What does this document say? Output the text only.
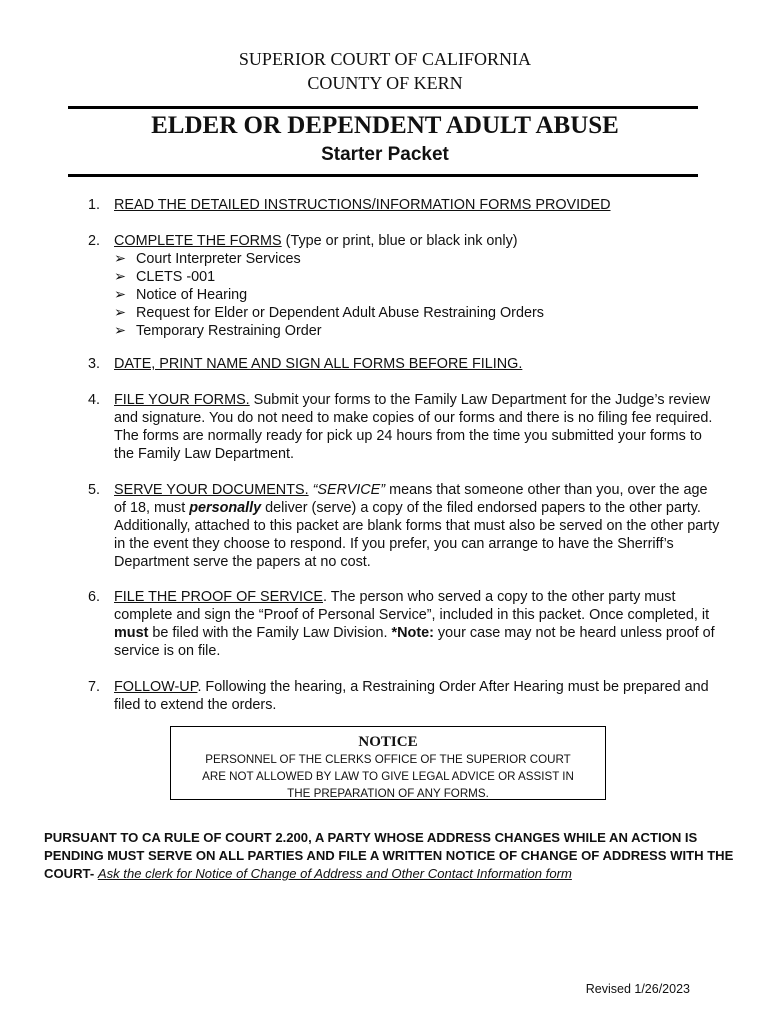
SUPERIOR COURT OF CALIFORNIA
COUNTY OF KERN
ELDER OR DEPENDENT ADULT ABUSE
Starter Packet
1. READ THE DETAILED INSTRUCTIONS/INFORMATION FORMS PROVIDED
2. COMPLETE THE FORMS (Type or print, blue or black ink only)
➢ Court Interpreter Services
➢ CLETS -001
➢ Notice of Hearing
➢ Request for Elder or Dependent Adult Abuse Restraining Orders
➢ Temporary Restraining Order
3. DATE, PRINT NAME AND SIGN ALL FORMS BEFORE FILING.
4. FILE YOUR FORMS. Submit your forms to the Family Law Department for the Judge’s review and signature. You do not need to make copies of our forms and there is no filing fee required. The forms are normally ready for pick up 24 hours from the time you submitted your forms to the Family Law Department.
5. SERVE YOUR DOCUMENTS. “SERVICE” means that someone other than you, over the age of 18, must personally deliver (serve) a copy of the filed endorsed papers to the other party. Additionally, attached to this packet are blank forms that must also be served on the other party in the event they choose to respond. If you prefer, you can arrange to have the Sherriff’s Department serve the papers at no cost.
6. FILE THE PROOF OF SERVICE. The person who served a copy to the other party must complete and sign the “Proof of Personal Service”, included in this packet. Once completed, it must be filed with the Family Law Division. *Note: your case may not be heard unless proof of service is on file.
7. FOLLOW-UP. Following the hearing, a Restraining Order After Hearing must be prepared and filed to extend the orders.
NOTICE
PERSONNEL OF THE CLERKS OFFICE OF THE SUPERIOR COURT
ARE NOT ALLOWED BY LAW TO GIVE LEGAL ADVICE OR ASSIST IN
THE PREPARATION OF ANY FORMS.
PURSUANT TO CA RULE OF COURT 2.200, A PARTY WHOSE ADDRESS CHANGES WHILE AN ACTION IS PENDING MUST SERVE ON ALL PARTIES AND FILE A WRITTEN NOTICE OF CHANGE OF ADDRESS WITH THE COURT- Ask the clerk for Notice of Change of Address and Other Contact Information form
Revised 1/26/2023
